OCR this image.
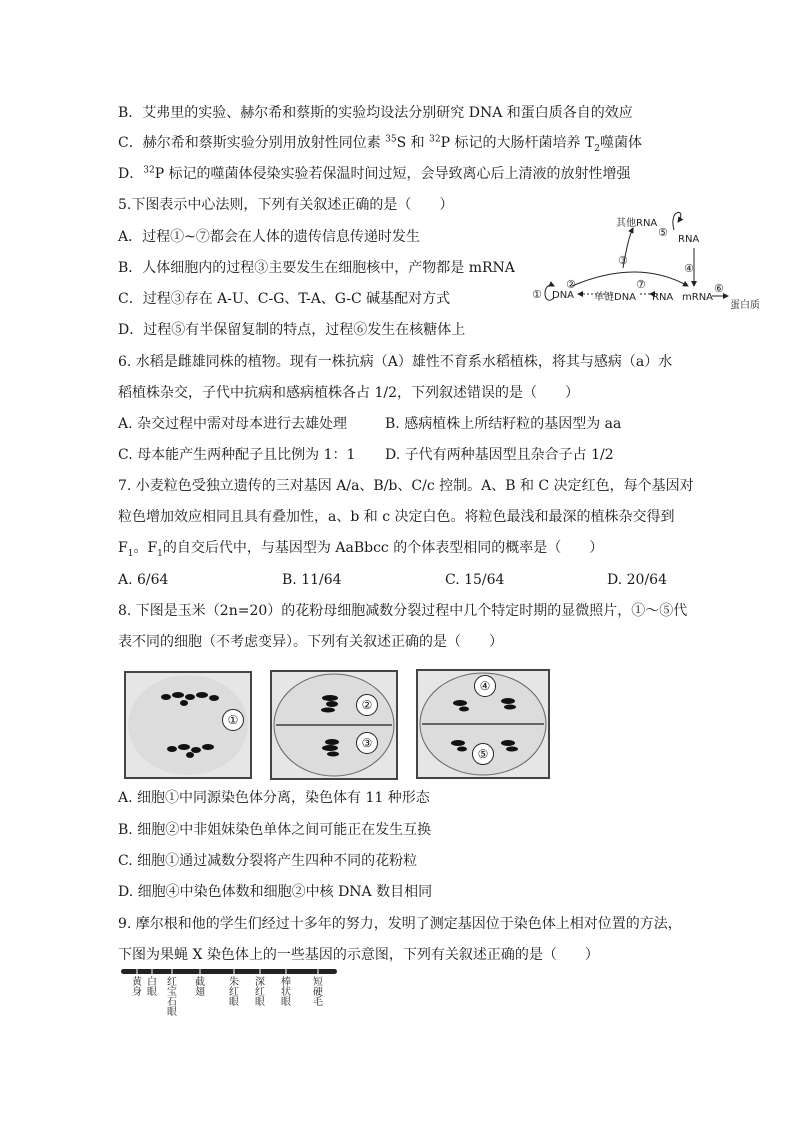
B．艾弗里的实验、赫尔希和蔡斯的实验均设法分别研究 DNA 和蛋白质各自的效应
C．赫尔希和蔡斯实验分别用放射性同位素 $^{35}$S 和 $^{32}$P 标记的大肠杆菌培养 $T_2$噬菌体
D．$^{32}$P 标记的噬菌体侵染实验若保温时间过短，会导致离心后上清液的放射性增强
5.下图表示中心法则，下列有关叙述正确的是（　　）
A．过程①~⑦都会在人体的遗传信息传递时发生
B．人体细胞内的过程③主要发生在细胞核中，产物都是 mRNA
C．过程③存在 A-U、C-G、T-A、G-C 碱基配对方式
D．过程⑤有半保留复制的特点，过程⑥发生在核糖体上
① DNA
其他RNA
③
②
单链DNA
⑦
RNA mRNA
⑤
RNA
④
⑥
蛋白质
6. 水稻是雌雄同株的植物。现有一株抗病（A）雄性不育系水稻植株，将其与感病（a）水
稻植株杂交，子代中抗病和感病植株各占 1/2，下列叙述错误的是（　　）
A. 杂交过程中需对母本进行去雄处理	B. 感病植株上所结籽粒的基因型为 aa
C. 母本能产生两种配子且比例为 1：1 D. 子代有两种基因型且杂合子占 1/2
7. 小麦粒色受独立遗传的三对基因 A/a、B/b、C/c 控制。A、B 和 C 决定红色，每个基因对
粒色增加效应相同且具有叠加性，a、b 和 c 决定白色。将粒色最浅和最深的植株杂交得到
$F_1$。$F_1$的自交后代中，与基因型为 AaBbcc 的个体表型相同的概率是（　　）
A. 6/64	B. 11/64	C. 15/64	D. 20/64
8. 下图是玉米（2n=20）的花粉母细胞减数分裂过程中几个特定时期的显微照片，①～⑤代
表不同的细胞（不考虑变异）。下列有关叙述正确的是（　　）
①
②
③
④
⑤
A. 细胞①中同源染色体分离，染色体有 11 种形态
B. 细胞②中非姐妹染色单体之间可能正在发生互换
C. 细胞①通过减数分裂将产生四种不同的花粉粒
D. 细胞④中染色体数和细胞②中核 DNA 数目相同
9. 摩尔根和他的学生们经过十多年的努力，发明了测定基因位于染色体上相对位置的方法，
下图为果蝇 X 染色体上的一些基因的示意图，下列有关叙述正确的是（　　）
黄身
白眼
红宝石眼
截翅
朱红眼
深红眼
棒状眼
短硬毛
